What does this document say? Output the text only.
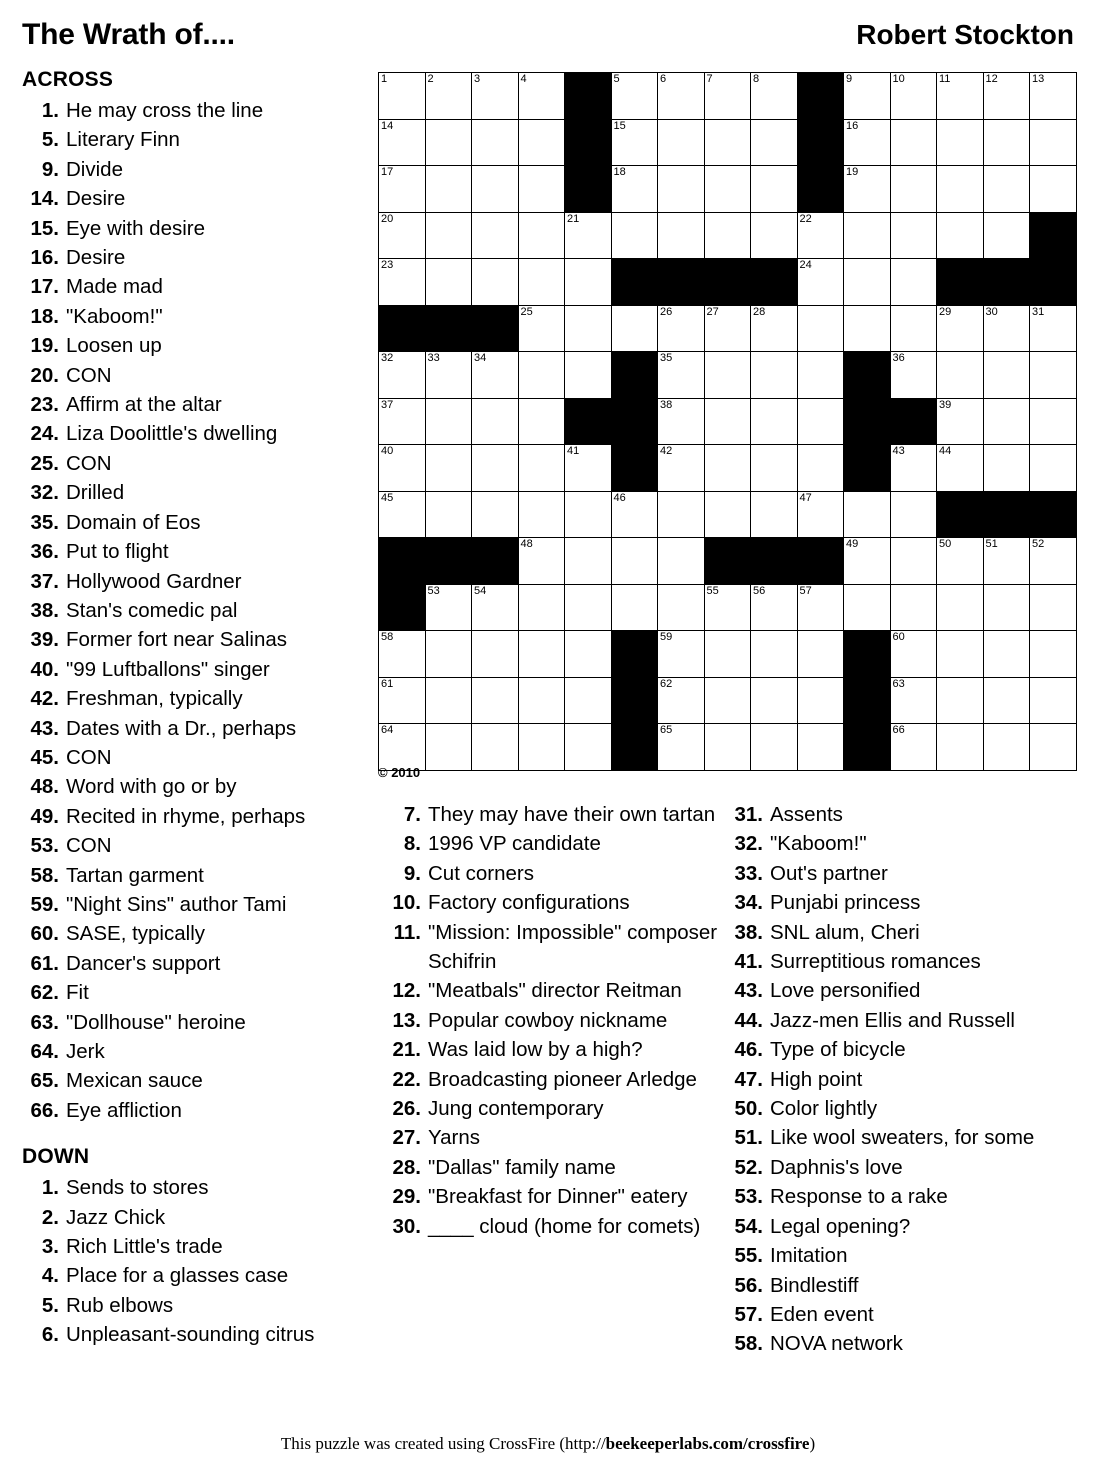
The Wrath of....	Robert Stockton
ACROSS
1. He may cross the line
5. Literary Finn
9. Divide
14. Desire
15. Eye with desire
16. Desire
17. Made mad
18. "Kaboom!"
19. Loosen up
20. CON
23. Affirm at the altar
24. Liza Doolittle's dwelling
25. CON
32. Drilled
35. Domain of Eos
36. Put to flight
37. Hollywood Gardner
38. Stan's comedic pal
39. Former fort near Salinas
40. "99 Luftballons" singer
42. Freshman, typically
43. Dates with a Dr., perhaps
45. CON
48. Word with go or by
49. Recited in rhyme, perhaps
53. CON
58. Tartan garment
59. "Night Sins" author Tami
60. SASE, typically
61. Dancer's support
62. Fit
63. "Dollhouse" heroine
64. Jerk
65. Mexican sauce
66. Eye affliction
DOWN
1. Sends to stores
2. Jazz Chick
3. Rich Little's trade
4. Place for a glasses case
5. Rub elbows
6. Unpleasant-sounding citrus
1	2	3	4		5	6	7	8		9	10	11	12	13

14					15					16				

17					18					19				

20				21					22					

23									24					

			25			26	27	28				29	30	31

32	33	34				35					36			

37						38						39		

40				41		42					43	44		

45					46				47					

			48							49		50	51	52

	53	54					55	56	57					

58						59					60			

61						62					63			

64						65					66			

© 2010
7. They may have their own tartan
8. 1996 VP candidate
9. Cut corners
10. Factory configurations
11. "Mission: Impossible" composer Schifrin
12. "Meatbals" director Reitman
13. Popular cowboy nickname
21. Was laid low by a high?
22. Broadcasting pioneer Arledge
26. Jung contemporary
27. Yarns
28. "Dallas" family name
29. "Breakfast for Dinner" eatery
30. ____ cloud (home for comets)
31. Assents
32. "Kaboom!"
33. Out's partner
34. Punjabi princess
38. SNL alum, Cheri
41. Surreptitious romances
43. Love personified
44. Jazz-men Ellis and Russell
46. Type of bicycle
47. High point
50. Color lightly
51. Like wool sweaters, for some
52. Daphnis's love
53. Response to a rake
54. Legal opening?
55. Imitation
56. Bindlestiff
57. Eden event
58. NOVA network
This puzzle was created using CrossFire (http://beekeeperlabs.com/crossfire)
